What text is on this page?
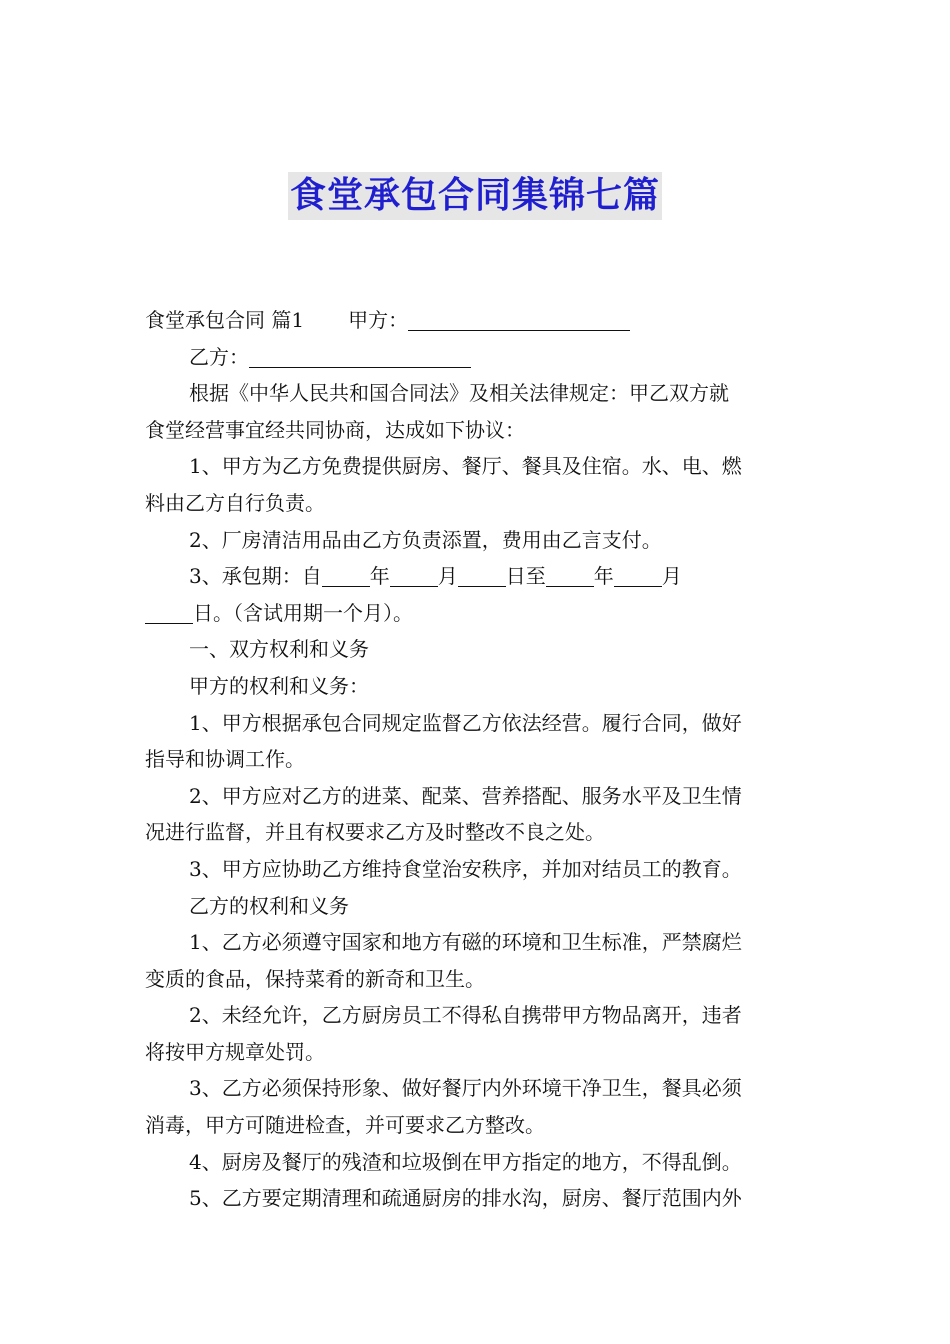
食堂承包合同集锦七篇

食堂承包合同 篇1 甲方：

乙方：

根据《中华人民共和国合同法》及相关法律规定：甲乙双方就

食堂经营事宜经共同协商，达成如下协议：

1、甲方为乙方免费提供厨房、餐厅、餐具及住宿。水、电、燃

料由乙方自行负责。

2、厂房清洁用品由乙方负责添置，费用由乙言支付。

3、承包期：自 年 月 日至 年 月

日。（含试用期一个月）。

一、双方权利和义务

甲方的权利和义务：

1、甲方根据承包合同规定监督乙方依法经营。履行合同，做好

指导和协调工作。

2、甲方应对乙方的进菜、配菜、营养搭配、服务水平及卫生情

况进行监督，并且有权要求乙方及时整改不良之处。

3、甲方应协助乙方维持食堂治安秩序，并加对结员工的教育。

乙方的权利和义务

1、乙方必须遵守国家和地方有磁的环境和卫生标准，严禁腐烂

变质的食品，保持菜肴的新奇和卫生。

2、未经允许，乙方厨房员工不得私自携带甲方物品离开，违者

将按甲方规章处罚。

3、乙方必须保持形象、做好餐厅内外环境干净卫生，餐具必须

消毒，甲方可随进检查，并可要求乙方整改。

4、厨房及餐厅的残渣和垃圾倒在甲方指定的地方，不得乱倒。

5、乙方要定期清理和疏通厨房的排水沟，厨房、餐厅范围内外
